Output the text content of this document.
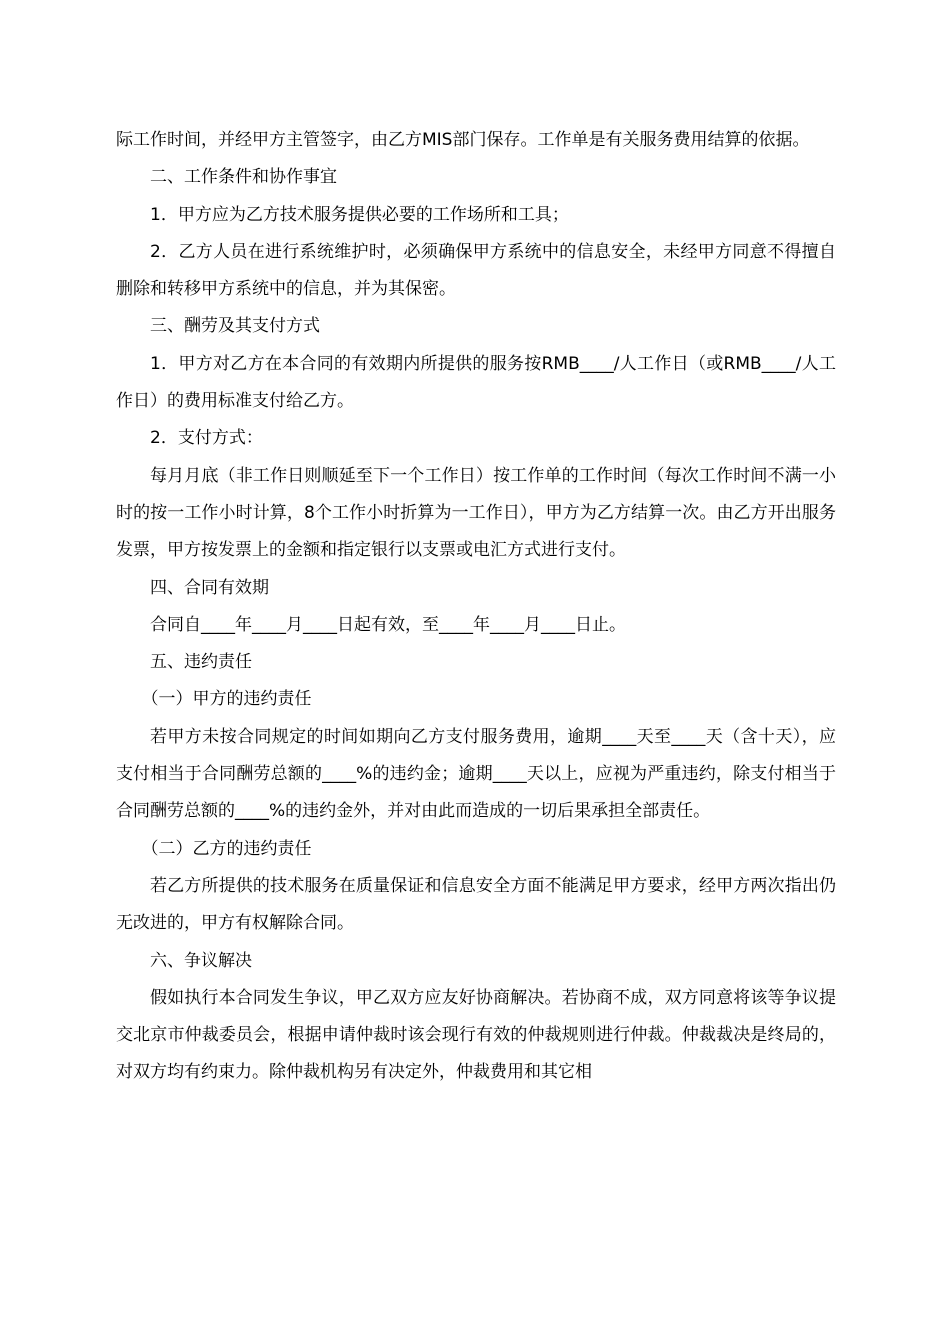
际工作时间，并经甲方主管签字，由乙方MIS部门保存。工作单是有关服务费用结算的依据。

二、工作条件和协作事宜

1．甲方应为乙方技术服务提供必要的工作场所和工具；

2．乙方人员在进行系统维护时，必须确保甲方系统中的信息安全，未经甲方同意不得擅自删除和转移甲方系统中的信息，并为其保密。

三、酬劳及其支付方式

1．甲方对乙方在本合同的有效期内所提供的服务按RMB____/人工作日（或RMB____/人工作日）的费用标准支付给乙方。

2．支付方式：

每月月底（非工作日则顺延至下一个工作日）按工作单的工作时间（每次工作时间不满一小时的按一工作小时计算，8个工作小时折算为一工作日），甲方为乙方结算一次。由乙方开出服务发票，甲方按发票上的金额和指定银行以支票或电汇方式进行支付。

四、合同有效期

合同自____年____月____日起有效，至____年____月____日止。

五、违约责任

（一）甲方的违约责任

若甲方未按合同规定的时间如期向乙方支付服务费用，逾期____天至____天（含十天），应支付相当于合同酬劳总额的____%的违约金；逾期____天以上，应视为严重违约，除支付相当于合同酬劳总额的____%的违约金外，并对由此而造成的一切后果承担全部责任。

（二）乙方的违约责任

若乙方所提供的技术服务在质量保证和信息安全方面不能满足甲方要求，经甲方两次指出仍无改进的，甲方有权解除合同。

六、争议解决

假如执行本合同发生争议，甲乙双方应友好协商解决。若协商不成，双方同意将该等争议提交北京市仲裁委员会，根据申请仲裁时该会现行有效的仲裁规则进行仲裁。仲裁裁决是终局的，对双方均有约束力。除仲裁机构另有决定外，仲裁费用和其它相
